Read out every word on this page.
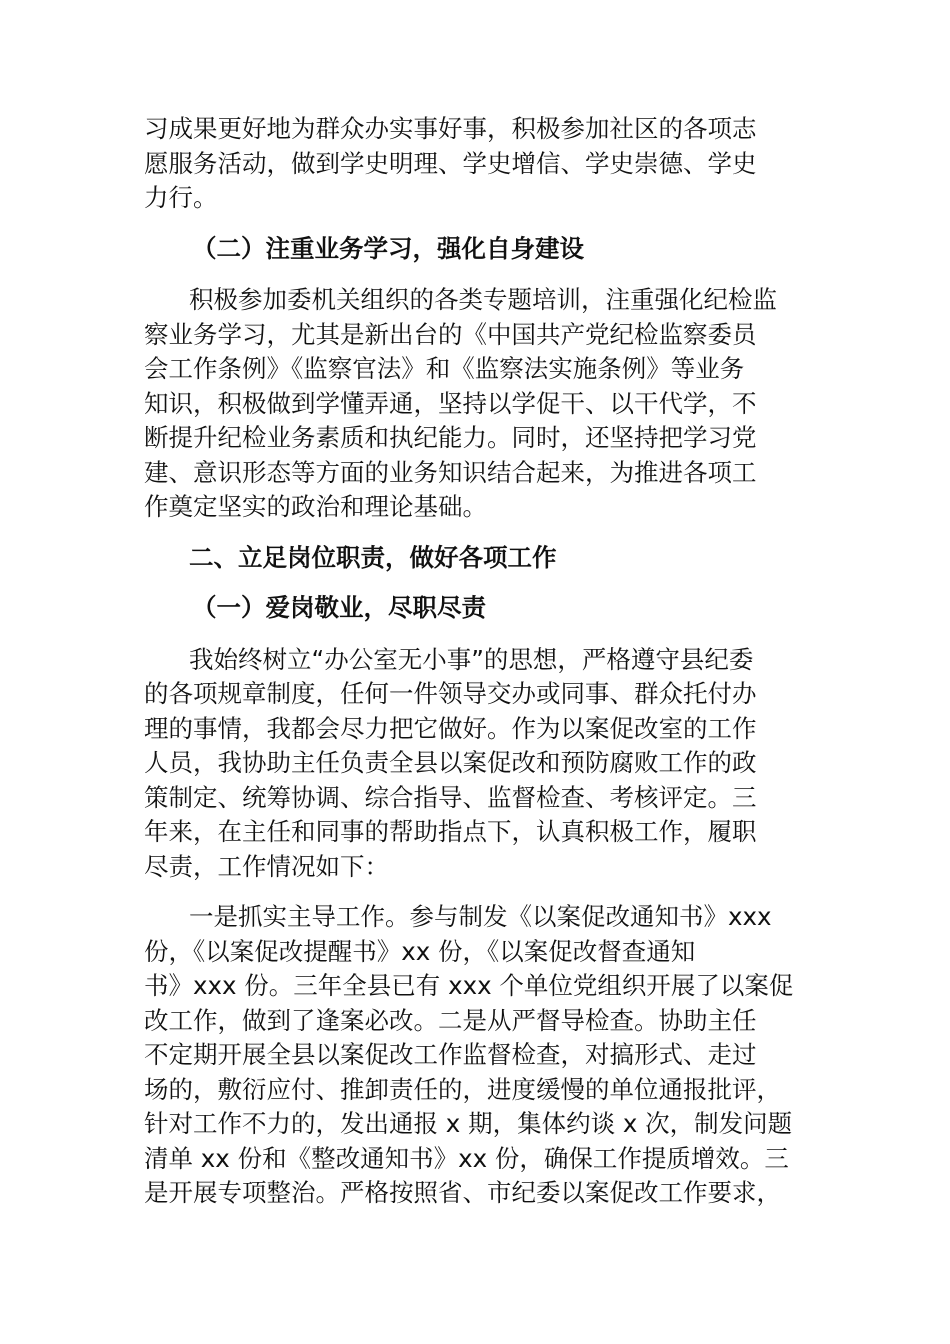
习成果更好地为群众办实事好事，积极参加社区的各项志
愿服务活动，做到学史明理、学史增信、学史崇德、学史
力行。
（二）注重业务学习，强化自身建设
积极参加委机关组织的各类专题培训，注重强化纪检监
察业务学习，尤其是新出台的《中国共产党纪检监察委员
会工作条例》《监察官法》和《监察法实施条例》等业务
知识，积极做到学懂弄通，坚持以学促干、以干代学，不
断提升纪检业务素质和执纪能力。同时，还坚持把学习党
建、意识形态等方面的业务知识结合起来，为推进各项工
作奠定坚实的政治和理论基础。
二、立足岗位职责，做好各项工作
（一）爱岗敬业，尽职尽责
我始终树立“办公室无小事”的思想，严格遵守县纪委
的各项规章制度，任何一件领导交办或同事、群众托付办
理的事情，我都会尽力把它做好。作为以案促改室的工作
人员，我协助主任负责全县以案促改和预防腐败工作的政
策制定、统筹协调、综合指导、监督检查、考核评定。三
年来，在主任和同事的帮助指点下，认真积极工作，履职
尽责，工作情况如下：
一是抓实主导工作。参与制发《以案促改通知书》xxx
份，《以案促改提醒书》xx 份，《以案促改督查通知
书》xxx 份。三年全县已有 xxx 个单位党组织开展了以案促
改工作，做到了逢案必改。二是从严督导检查。协助主任
不定期开展全县以案促改工作监督检查，对搞形式、走过
场的，敷衍应付、推卸责任的，进度缓慢的单位通报批评，
针对工作不力的，发出通报 x 期，集体约谈 x 次，制发问题
清单 xx 份和《整改通知书》xx 份，确保工作提质增效。三
是开展专项整治。严格按照省、市纪委以案促改工作要求，
